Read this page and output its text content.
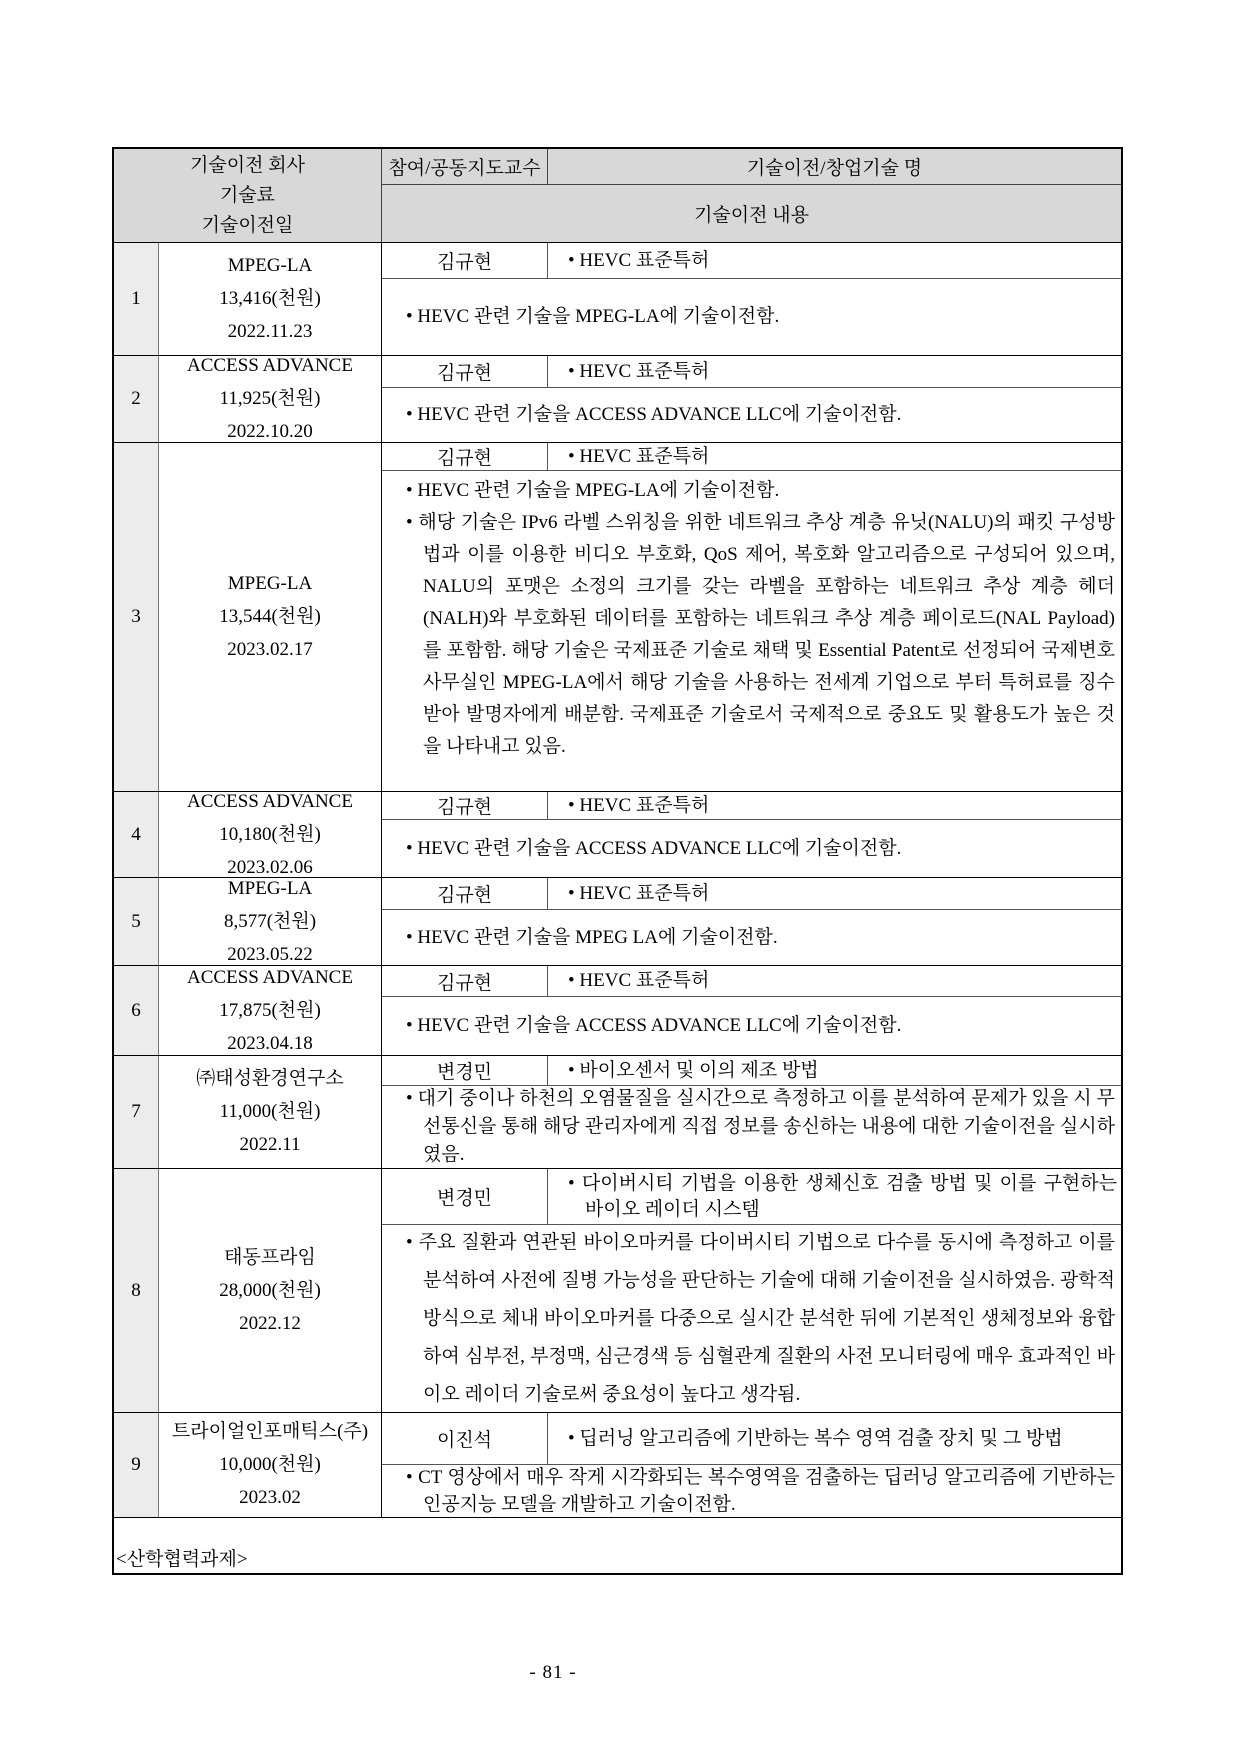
기술이전 회사
기술료
기술이전일
참여/공동지도교수	기술이전/창업기술 명
기술이전 내용
1
MPEG-LA
13,416(천원)
2022.11.23
김규현	• HEVC 표준특허
• HEVC 관련 기술을 MPEG-LA에 기술이전함.
2
ACCESS ADVANCE
11,925(천원)
2022.10.20
김규현	• HEVC 표준특허
• HEVC 관련 기술을 ACCESS ADVANCE LLC에 기술이전함.
3
MPEG-LA
13,544(천원)
2023.02.17
김규현	• HEVC 표준특허
• HEVC 관련 기술을 MPEG-LA에 기술이전함.
• 해당 기술은 IPv6 라벨 스위칭을 위한 네트워크 추상 계층 유닛(NALU)의 패킷 구성방법과 이를 이용한 비디오 부호화, QoS 제어, 복호화 알고리즘으로 구성되어 있으며, NALU의 포맷은 소정의 크기를 갖는 라벨을 포함하는 네트워크 추상 계층 헤더(NALH)와 부호화된 데이터를 포함하는 네트워크 추상 계층 페이로드(NAL Payload)를 포함함. 해당 기술은 국제표준 기술로 채택 및 Essential Patent로 선정되어 국제변호사무실인 MPEG-LA에서 해당 기술을 사용하는 전세계 기업으로 부터 특허료를 징수받아 발명자에게 배분함. 국제표준 기술로서 국제적으로 중요도 및 활용도가 높은 것을 나타내고 있음.
4
ACCESS ADVANCE
10,180(천원)
2023.02.06
김규현	• HEVC 표준특허
• HEVC 관련 기술을 ACCESS ADVANCE LLC에 기술이전함.
5
MPEG-LA
8,577(천원)
2023.05.22
김규현	• HEVC 표준특허
• HEVC 관련 기술을 MPEG LA에 기술이전함.
6
ACCESS ADVANCE
17,875(천원)
2023.04.18
김규현	• HEVC 표준특허
• HEVC 관련 기술을 ACCESS ADVANCE LLC에 기술이전함.
7
㈜태성환경연구소
11,000(천원)
2022.11
변경민	• 바이오센서 및 이의 제조 방법
• 대기 중이나 하천의 오염물질을 실시간으로 측정하고 이를 분석하여 문제가 있을 시 무선통신을 통해 해당 관리자에게 직접 정보를 송신하는 내용에 대한 기술이전을 실시하였음.
8
태동프라임
28,000(천원)
2022.12
변경민
• 다이버시티 기법을 이용한 생체신호 검출 방법 및 이를 구현하는 바이오 레이더 시스템
• 주요 질환과 연관된 바이오마커를 다이버시티 기법으로 다수를 동시에 측정하고 이를 분석하여 사전에 질병 가능성을 판단하는 기술에 대해 기술이전을 실시하였음. 광학적 방식으로 체내 바이오마커를 다중으로 실시간 분석한 뒤에 기본적인 생체정보와 융합하여 심부전, 부정맥, 심근경색 등 심혈관계 질환의 사전 모니터링에 매우 효과적인 바이오 레이더 기술로써 중요성이 높다고 생각됨.
9
트라이얼인포매틱스(주)
10,000(천원)
2023.02
이진석	• 딥러닝 알고리즘에 기반하는 복수 영역 검출 장치 및 그 방법
• CT 영상에서 매우 작게 시각화되는 복수영역을 검출하는 딥러닝 알고리즘에 기반하는 인공지능 모델을 개발하고 기술이전함.
<산학협력과제>
- 81 -
